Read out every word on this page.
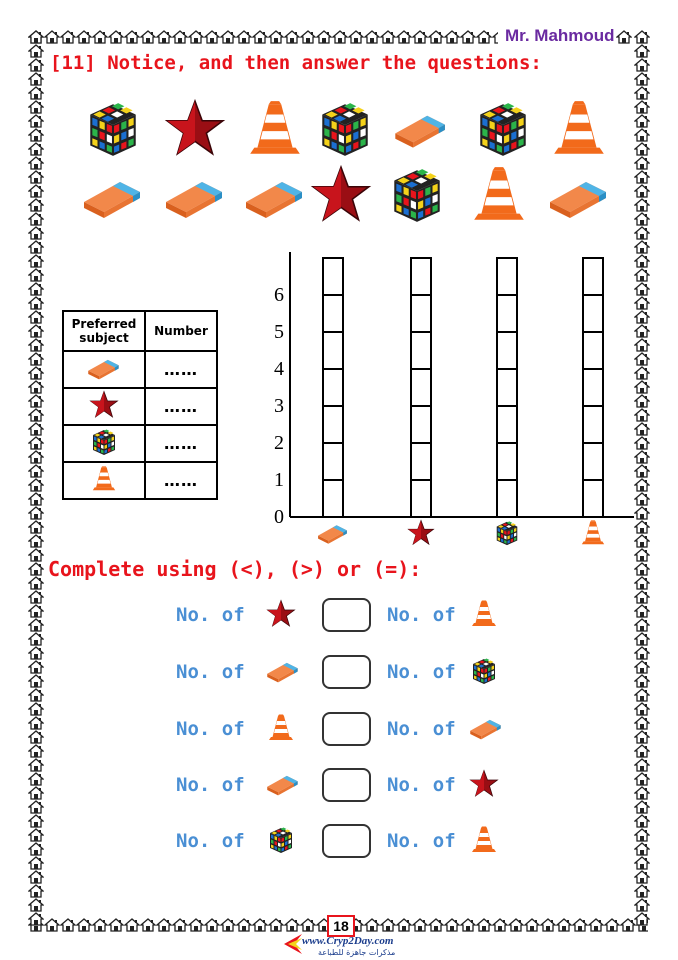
Mr. Mahmoud
[11] Notice, and then answer the questions:
Preferred subject	Number
	……
	……
	……
	……
0
1
2
3
4
5
6
Complete using (<), (>) or (=):
No. of	No. of
No. of	No. of
No. of	No. of
No. of	No. of
No. of	No. of
18
www.Cryp2Day.com
مذكرات جاهزة للطباعة
